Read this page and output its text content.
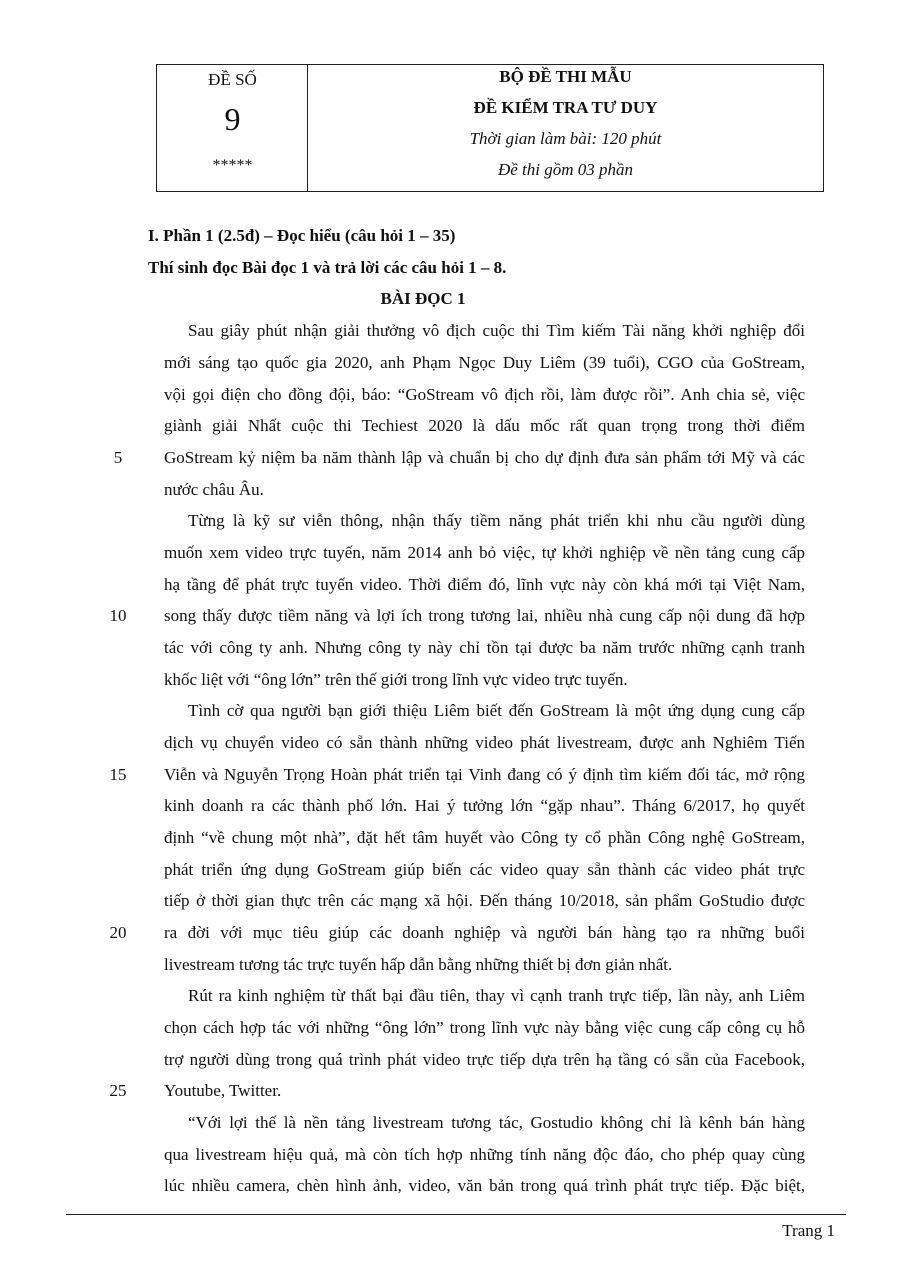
ĐỀ SỐ
9
*****
BỘ ĐỀ THI MẪU
ĐỀ KIỂM TRA TƯ DUY
Thời gian làm bài: 120 phút
Đề thi gồm 03 phần
I. Phần 1 (2.5đ) – Đọc hiểu (câu hỏi 1 – 35)
Thí sinh đọc Bài đọc 1 và trả lời các câu hỏi 1 – 8.
BÀI ĐỌC 1
Sau giây phút nhận giải thưởng vô địch cuộc thi Tìm kiếm Tài năng khởi nghiệp đổi
mới sáng tạo quốc gia 2020, anh Phạm Ngọc Duy Liêm (39 tuổi), CGO của GoStream,
vội gọi điện cho đồng đội, báo: “GoStream vô địch rồi, làm được rồi”. Anh chia sẻ, việc
giành giải Nhất cuộc thi Techiest 2020 là dấu mốc rất quan trọng trong thời điểm
GoStream kỷ niệm ba năm thành lập và chuẩn bị cho dự định đưa sản phẩm tới Mỹ và các
nước châu Âu.
Từng là kỹ sư viễn thông, nhận thấy tiềm năng phát triển khi nhu cầu người dùng
muốn xem video trực tuyến, năm 2014 anh bỏ việc, tự khởi nghiệp về nền tảng cung cấp
hạ tầng để phát trực tuyến video. Thời điểm đó, lĩnh vực này còn khá mới tại Việt Nam,
song thấy được tiềm năng và lợi ích trong tương lai, nhiều nhà cung cấp nội dung đã hợp
tác với công ty anh. Nhưng công ty này chỉ tồn tại được ba năm trước những cạnh tranh
khốc liệt với “ông lớn” trên thế giới trong lĩnh vực video trực tuyến.
Tình cờ qua người bạn giới thiệu Liêm biết đến GoStream là một ứng dụng cung cấp
dịch vụ chuyển video có sẵn thành những video phát livestream, được anh Nghiêm Tiến
Viễn và Nguyễn Trọng Hoàn phát triển tại Vinh đang có ý định tìm kiếm đối tác, mở rộng
kinh doanh ra các thành phố lớn. Hai ý tưởng lớn “gặp nhau”. Tháng 6/2017, họ quyết
định “về chung một nhà”, đặt hết tâm huyết vào Công ty cổ phần Công nghệ GoStream,
phát triển ứng dụng GoStream giúp biến các video quay sẵn thành các video phát trực
tiếp ở thời gian thực trên các mạng xã hội. Đến tháng 10/2018, sản phẩm GoStudio được
ra đời với mục tiêu giúp các doanh nghiệp và người bán hàng tạo ra những buổi
livestream tương tác trực tuyến hấp dẫn bằng những thiết bị đơn giản nhất.
Rút ra kinh nghiệm từ thất bại đầu tiên, thay vì cạnh tranh trực tiếp, lần này, anh Liêm
chọn cách hợp tác với những “ông lớn” trong lĩnh vực này bằng việc cung cấp công cụ hỗ
trợ người dùng trong quá trình phát video trực tiếp dựa trên hạ tầng có sẵn của Facebook,
Youtube, Twitter.
“Với lợi thế là nền tảng livestream tương tác, Gostudio không chỉ là kênh bán hàng
qua livestream hiệu quả, mà còn tích hợp những tính năng độc đáo, cho phép quay cùng
lúc nhiều camera, chèn hình ảnh, video, văn bản trong quá trình phát trực tiếp. Đặc biệt,
5
10
15
20
25
Trang 1
